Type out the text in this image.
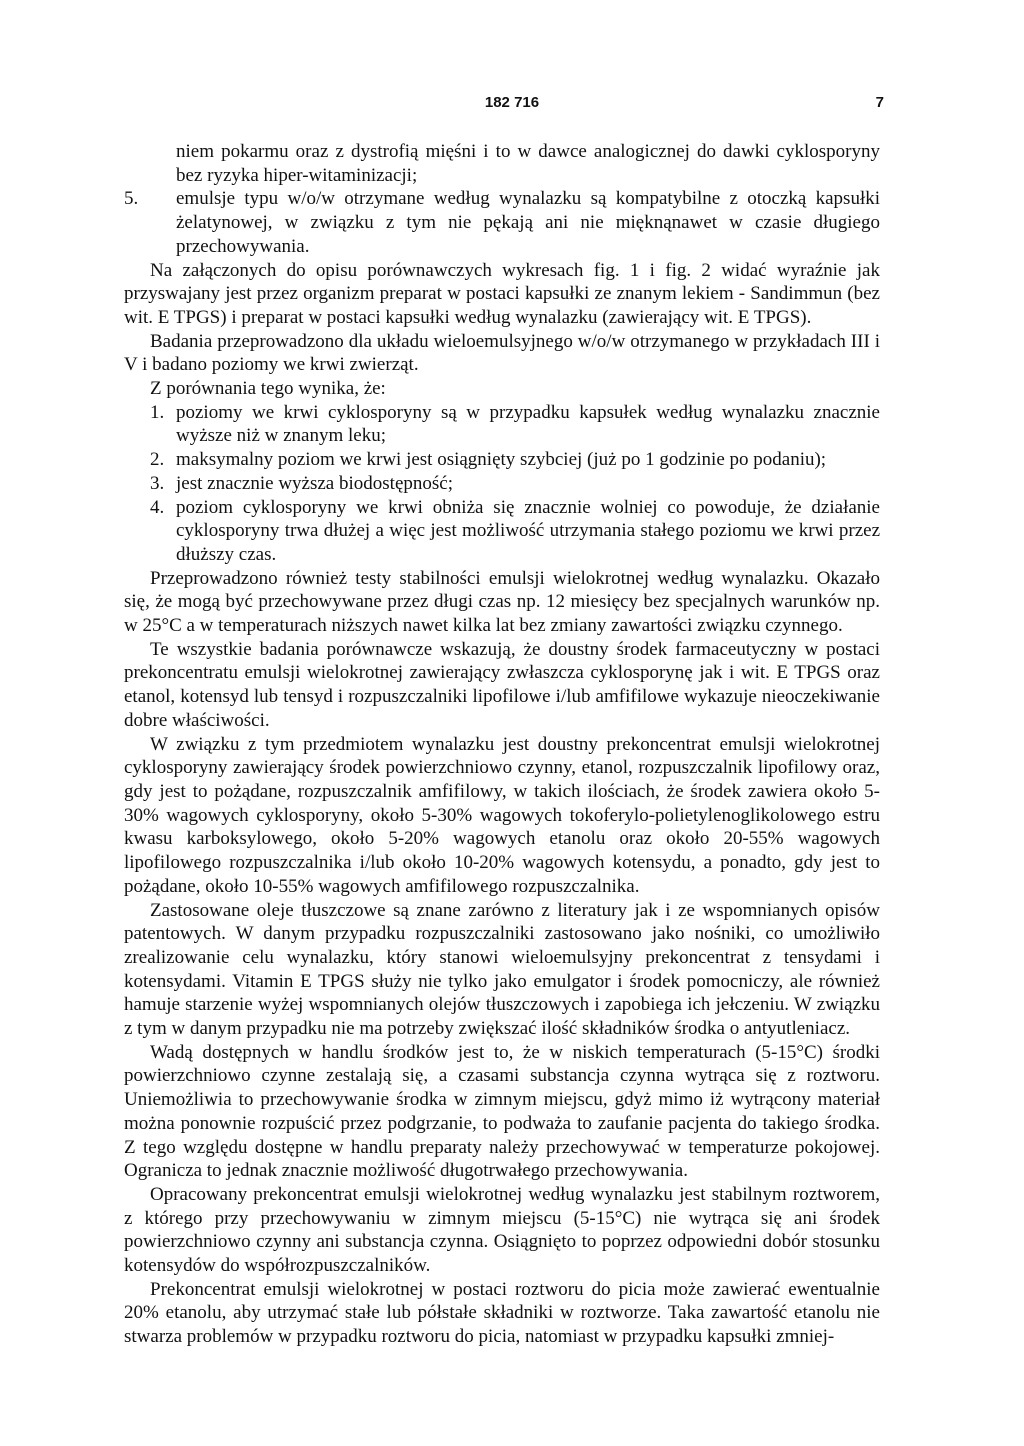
182 716	7
niem pokarmu oraz z dystrofią mięśni i to w dawce analogicznej do dawki cyklosporyny bez ryzyka hiper-witaminizacji;
5. emulsje typu w/o/w otrzymane według wynalazku są kompatybilne z otoczką kapsułki żelatynowej, w związku z tym nie pękają ani nie mięknąnawet w czasie długiego przechowywania.

Na załączonych do opisu porównawczych wykresach fig. 1 i fig. 2 widać wyraźnie jak przyswajany jest przez organizm preparat w postaci kapsułki ze znanym lekiem - Sandimmun (bez wit. E TPGS) i preparat w postaci kapsułki według wynalazku (zawierający wit. E TPGS).

Badania przeprowadzono dla układu wieloemulsyjnego w/o/w otrzymanego w przykładach III i V i badano poziomy we krwi zwierząt.

Z porównania tego wynika, że:

1. poziomy we krwi cyklosporyny są w przypadku kapsułek według wynalazku znacznie wyższe niż w znanym leku;
2. maksymalny poziom we krwi jest osiągnięty szybciej (już po 1 godzinie po podaniu);
3. jest znacznie wyższa biodostępność;
4. poziom cyklosporyny we krwi obniża się znacznie wolniej co powoduje, że działanie cyklosporyny trwa dłużej a więc jest możliwość utrzymania stałego poziomu we krwi przez dłuższy czas.

Przeprowadzono również testy stabilności emulsji wielokrotnej według wynalazku. Okazało się, że mogą być przechowywane przez długi czas np. 12 miesięcy bez specjalnych warunków np. w 25°C a w temperaturach niższych nawet kilka lat bez zmiany zawartości związku czynnego.

Te wszystkie badania porównawcze wskazują, że doustny środek farmaceutyczny w postaci prekoncentratu emulsji wielokrotnej zawierający zwłaszcza cyklosporynę jak i wit. E TPGS oraz etanol, kotensyd lub tensyd i rozpuszczalniki lipofilowe i/lub amfifilowe wykazuje nieoczekiwanie dobre właściwości.

W związku z tym przedmiotem wynalazku jest doustny prekoncentrat emulsji wielokrotnej cyklosporyny zawierający środek powierzchniowo czynny, etanol, rozpuszczalnik lipofilowy oraz, gdy jest to pożądane, rozpuszczalnik amfifilowy, w takich ilościach, że środek zawiera około 5-30% wagowych cyklosporyny, około 5-30% wagowych tokoferylo-polietylenoglikolowego estru kwasu karboksylowego, około 5-20% wagowych etanolu oraz około 20-55% wagowych lipofilowego rozpuszczalnika i/lub około 10-20% wagowych kotensydu, a ponadto, gdy jest to pożądane, około 10-55% wagowych amfifilowego rozpuszczalnika.

Zastosowane oleje tłuszczowe są znane zarówno z literatury jak i ze wspomnianych opisów patentowych. W danym przypadku rozpuszczalniki zastosowano jako nośniki, co umożliwiło zrealizowanie celu wynalazku, który stanowi wieloemulsyjny prekoncentrat z tensydami i kotensydami. Vitamin E TPGS służy nie tylko jako emulgator i środek pomocniczy, ale również hamuje starzenie wyżej wspomnianych olejów tłuszczowych i zapobiega ich jełczeniu. W związku z tym w danym przypadku nie ma potrzeby zwiększać ilość składników środka o antyutleniacz.

Wadą dostępnych w handlu środków jest to, że w niskich temperaturach (5-15°C) środki powierzchniowo czynne zestalają się, a czasami substancja czynna wytrąca się z roztworu. Uniemożliwia to przechowywanie środka w zimnym miejscu, gdyż mimo iż wytrącony materiał można ponownie rozpuścić przez podgrzanie, to podważa to zaufanie pacjenta do takiego środka. Z tego względu dostępne w handlu preparaty należy przechowywać w temperaturze pokojowej. Ogranicza to jednak znacznie możliwość długotrwałego przechowywania.

Opracowany prekoncentrat emulsji wielokrotnej według wynalazku jest stabilnym roztworem, z którego przy przechowywaniu w zimnym miejscu (5-15°C) nie wytrąca się ani środek powierzchniowo czynny ani substancja czynna. Osiągnięto to poprzez odpowiedni dobór stosunku kotensydów do współrozpuszczalników.

Prekoncentrat emulsji wielokrotnej w postaci roztworu do picia może zawierać ewentualnie 20% etanolu, aby utrzymać stałe lub półstałe składniki w roztworze. Taka zawartość etanolu nie stwarza problemów w przypadku roztworu do picia, natomiast w przypadku kapsułki zmniej-
